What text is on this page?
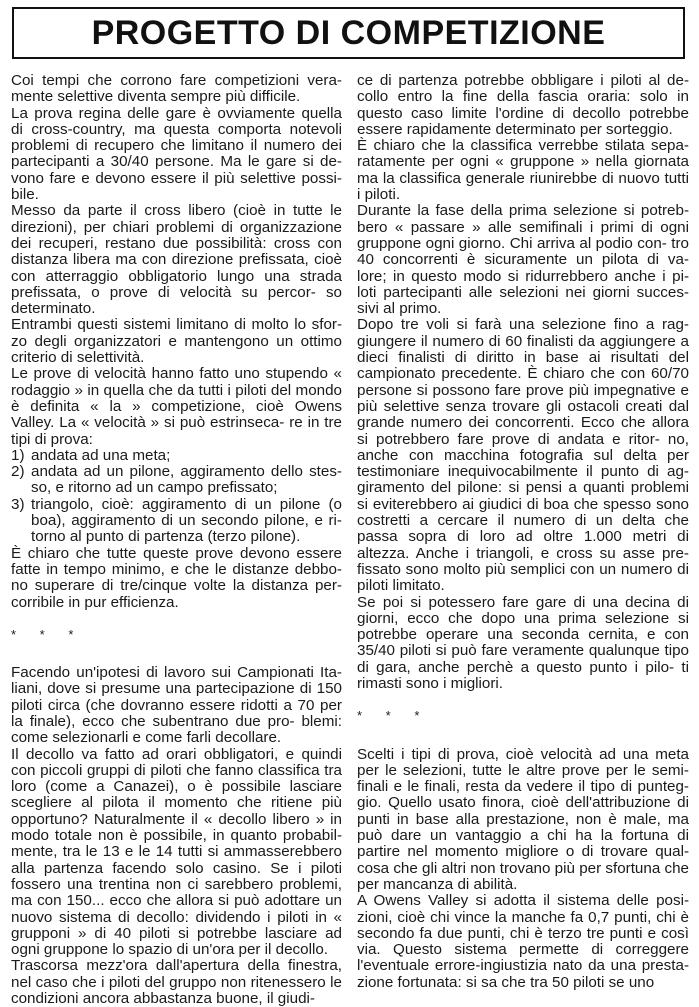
PROGETTO DI COMPETIZIONE

Coi tempi che corrono fare competizioni vera- mente selettive diventa sempre più difficile.

La prova regina delle gare è ovviamente quella di cross-country, ma questa comporta notevoli problemi di recupero che limitano il numero dei partecipanti a 30/40 persone. Ma le gare si de- vono fare e devono essere il più selettive possi- bile.

Messo da parte il cross libero (cioè in tutte le direzioni), per chiari problemi di organizzazione dei recuperi, restano due possibilità: cross con distanza libera ma con direzione prefissata, cioè con atterraggio obbligatorio lungo una strada prefissata, o prove di velocità su percor- so determinato.

Entrambi questi sistemi limitano di molto lo sfor- zo degli organizzatori e mantengono un ottimo criterio di selettività.

Le prove di velocità hanno fatto uno stupendo « rodaggio » in quella che da tutti i piloti del mondo è definita « la » competizione, cioè Owens Valley. La « velocità » si può estrinseca- re in tre tipi di prova:

1) andata ad una meta;
2) andata ad un pilone, aggiramento dello stes- so, e ritorno ad un campo prefissato;
3) triangolo, cioè: aggiramento di un pilone (o boa), aggiramento di un secondo pilone, e ri- torno al punto di partenza (terzo pilone).

È chiaro che tutte queste prove devono essere fatte in tempo minimo, e che le distanze debbo- no superare di tre/cinque volte la distanza per- corribile in pur efficienza.

* * *

Facendo un'ipotesi di lavoro sui Campionati Ita- liani, dove si presume una partecipazione di 150 piloti circa (che dovranno essere ridotti a 70 per la finale), ecco che subentrano due pro- blemi: come selezionarli e come farli decollare.

Il decollo va fatto ad orari obbligatori, e quindi con piccoli gruppi di piloti che fanno classifica tra loro (come a Canazei), o è possibile lasciare scegliere al pilota il momento che ritiene più opportuno? Naturalmente il « decollo libero » in modo totale non è possibile, in quanto probabil- mente, tra le 13 e le 14 tutti si ammasserebbero alla partenza facendo solo casino. Se i piloti fossero una trentina non ci sarebbero problemi, ma con 150... ecco che allora si può adottare un nuovo sistema di decollo: dividendo i piloti in « grupponi » di 40 piloti si potrebbe lasciare ad ogni gruppone lo spazio di un'ora per il decollo.

Trascorsa mezz'ora dall'apertura della finestra, nel caso che i piloti del gruppo non ritenessero le condizioni ancora abbastanza buone, il giudi-

ce di partenza potrebbe obbligare i piloti al de- collo entro la fine della fascia oraria: solo in questo caso limite l'ordine di decollo potrebbe essere rapidamente determinato per sorteggio.

È chiaro che la classifica verrebbe stilata sepa- ratamente per ogni « gruppone » nella giornata ma la classifica generale riunirebbe di nuovo tutti i piloti.

Durante la fase della prima selezione si potreb- bero « passare » alle semifinali i primi di ogni gruppone ogni giorno. Chi arriva al podio con- tro 40 concorrenti è sicuramente un pilota di va- lore; in questo modo si ridurrebbero anche i pi- loti partecipanti alle selezioni nei giorni succes- sivi al primo.

Dopo tre voli si farà una selezione fino a rag- giungere il numero di 60 finalisti da aggiungere a dieci finalisti di diritto in base ai risultati del campionato precedente. È chiaro che con 60/70 persone si possono fare prove più impegnative e più selettive senza trovare gli ostacoli creati dal grande numero dei concorrenti. Ecco che allora si potrebbero fare prove di andata e ritor- no, anche con macchina fotografia sul delta per testimoniare inequivocabilmente il punto di ag- giramento del pilone: si pensi a quanti problemi si eviterebbero ai giudici di boa che spesso sono costretti a cercare il numero di un delta che passa sopra di loro ad oltre 1.000 metri di altezza. Anche i triangoli, e cross su asse pre- fissato sono molto più semplici con un numero di piloti limitato.

Se poi si potessero fare gare di una decina di giorni, ecco che dopo una prima selezione si potrebbe operare una seconda cernita, e con 35/40 piloti si può fare veramente qualunque tipo di gara, anche perchè a questo punto i pilo- ti rimasti sono i migliori.

* * *

Scelti i tipi di prova, cioè velocità ad una meta per le selezioni, tutte le altre prove per le semi- finali e le finali, resta da vedere il tipo di punteg- gio. Quello usato finora, cioè dell'attribuzione di punti in base alla prestazione, non è male, ma può dare un vantaggio a chi ha la fortuna di partire nel momento migliore o di trovare qual- cosa che gli altri non trovano più per sfortuna che per mancanza di abilità.

A Owens Valley si adotta il sistema delle posi- zioni, cioè chi vince la manche fa 0,7 punti, chi è secondo fa due punti, chi è terzo tre punti e così via. Questo sistema permette di correggere l'eventuale errore-ingiustizia nato da una presta- zione fortunata: si sa che tra 50 piloti se uno
